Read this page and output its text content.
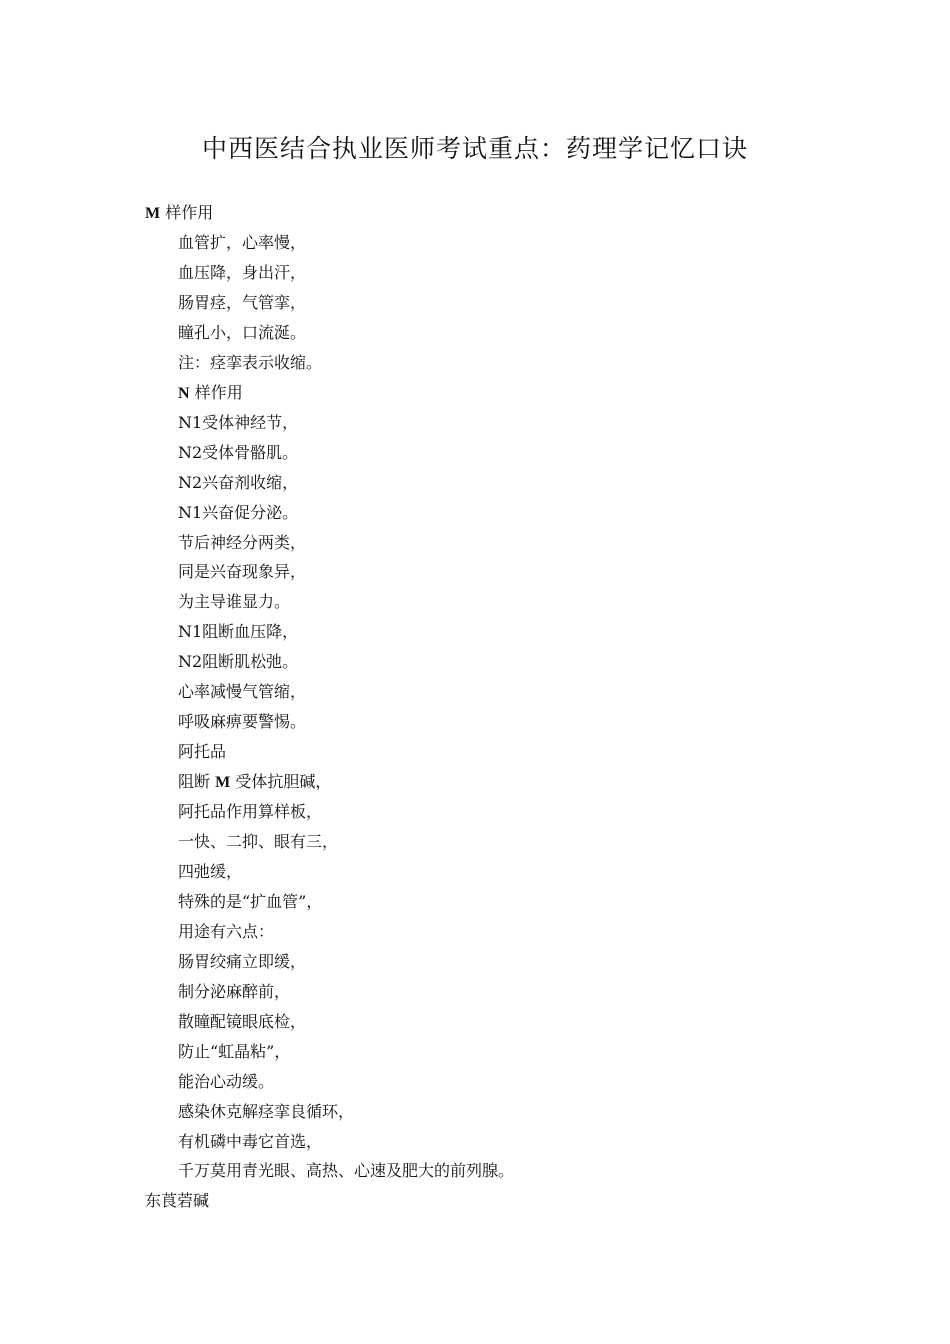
中西医结合执业医师考试重点：药理学记忆口诀
M 样作用
血管扩，心率慢，
血压降，身出汗，
肠胃痉，气管挛，
瞳孔小，口流涎。
注：痉挛表示收缩。
N 样作用
N1受体神经节，
N2受体骨骼肌。
N2兴奋剂收缩，
N1兴奋促分泌。
节后神经分两类，
同是兴奋现象异，
为主导谁显力。
N1阻断血压降，
N2阻断肌松弛。
心率减慢气管缩，
呼吸麻痹要警惕。
阿托品
阻断 M 受体抗胆碱，
阿托品作用算样板，
一快、二抑、眼有三，
四弛缓，
特殊的是“扩血管”，
用途有六点：
肠胃绞痛立即缓，
制分泌麻醉前，
散瞳配镜眼底检，
防止“虹晶粘”，
能治心动缓。
感染休克解痉挛良循环，
有机磷中毒它首选，
千万莫用青光眼、高热、心速及肥大的前列腺。
东莨菪碱
